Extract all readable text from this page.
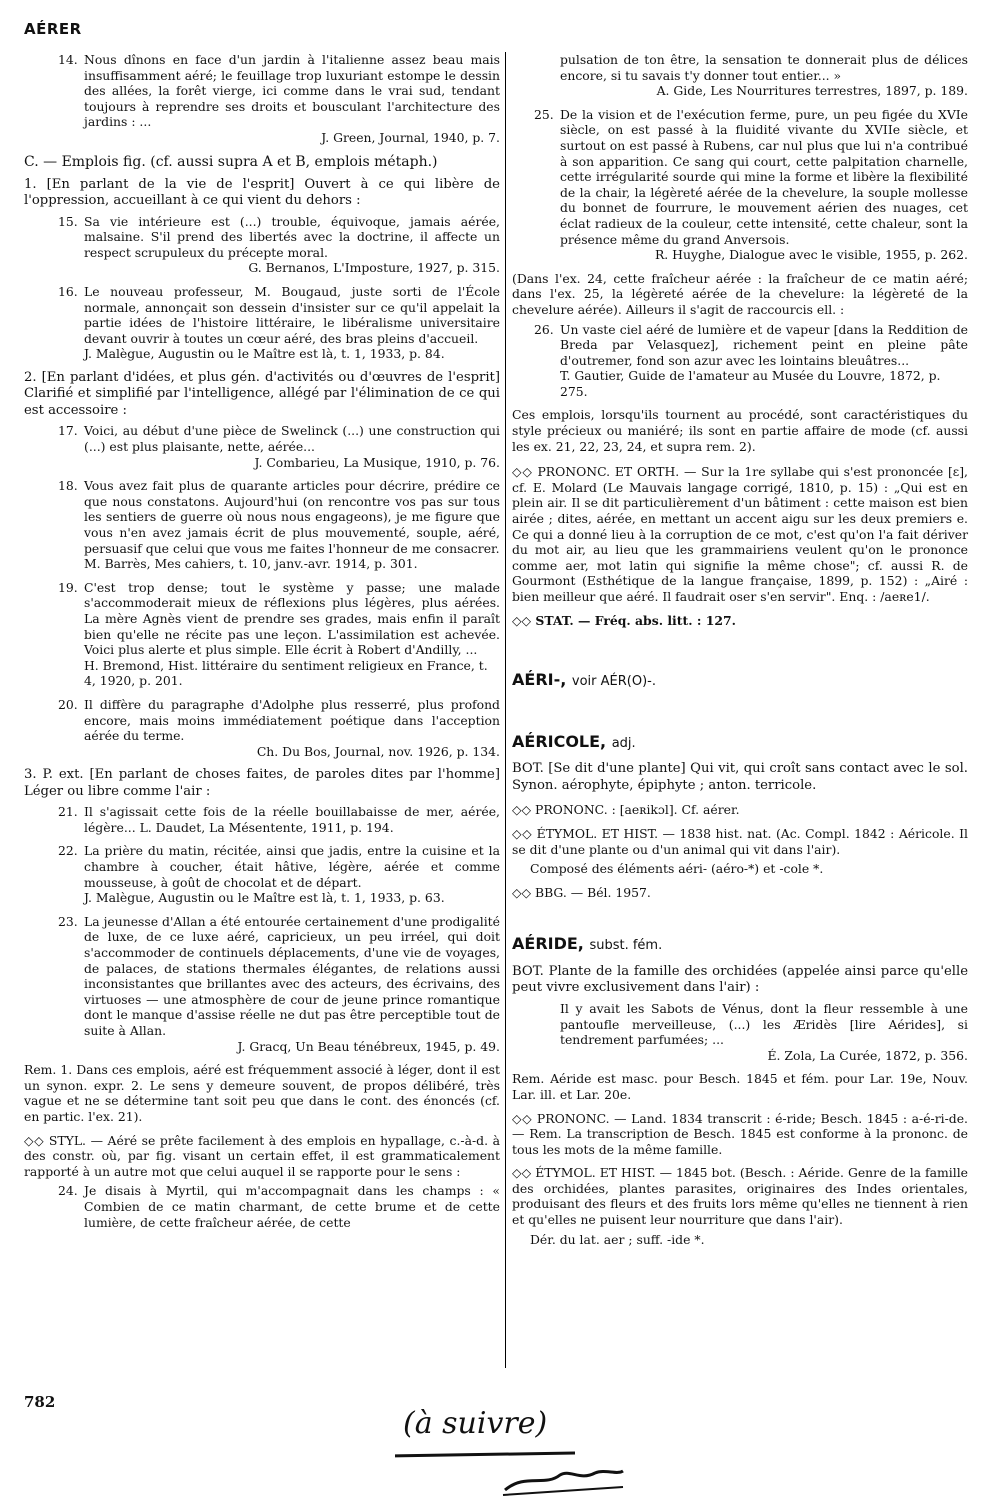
AÉRER
14. Nous dînons en face d'un jardin à l'italienne assez beau mais insuffisamment aéré; le feuillage trop luxuriant estompe le dessin des allées, la forêt vierge, ici comme dans le vrai sud, tendant toujours à reprendre ses droits et bousculant l'architecture des jardins : ...
J. Green, Journal, 1940, p. 7.
C. — Emplois fig. (cf. aussi supra A et B, emplois métaph.)
1. [En parlant de la vie de l'esprit] Ouvert à ce qui libère de l'oppression, accueillant à ce qui vient du dehors :
15. Sa vie intérieure est (...) trouble, équivoque, jamais aérée, malsaine. S'il prend des libertés avec la doctrine, il affecte un respect scrupuleux du précepte moral.
G. Bernanos, L'Imposture, 1927, p. 315.
16. Le nouveau professeur, M. Bougaud, juste sorti de l'École normale, annonçait son dessein d'insister sur ce qu'il appelait la partie idées de l'histoire littéraire, le libéralisme universitaire devant ouvrir à toutes un cœur aéré, des bras pleins d'accueil.
J. Malègue, Augustin ou le Maître est là, t. 1, 1933, p. 84.
2. [En parlant d'idées, et plus gén. d'activités ou d'œuvres de l'esprit] Clarifié et simplifié par l'intelligence, allégé par l'élimination de ce qui est accessoire :
17. Voici, au début d'une pièce de Swelinck (...) une construction qui (...) est plus plaisante, nette, aérée...
J. Combarieu, La Musique, 1910, p. 76.
18. Vous avez fait plus de quarante articles pour décrire, prédire ce que nous constatons. Aujourd'hui (on rencontre vos pas sur tous les sentiers de guerre où nous nous engageons), je me figure que vous n'en avez jamais écrit de plus mouvementé, souple, aéré, persuasif que celui que vous me faites l'honneur de me consacrer.
M. Barrès, Mes cahiers, t. 10, janv.-avr. 1914, p. 301.
19. C'est trop dense; tout le système y passe; une malade s'accommoderait mieux de réflexions plus légères, plus aérées. La mère Agnès vient de prendre ses grades, mais enfin il paraît bien qu'elle ne récite pas une leçon. L'assimilation est achevée. Voici plus alerte et plus simple. Elle écrit à Robert d'Andilly, ...
H. Bremond, Hist. littéraire du sentiment religieux en France, t. 4, 1920, p. 201.
20. Il diffère du paragraphe d'Adolphe plus resserré, plus profond encore, mais moins immédiatement poétique dans l'acception aérée du terme.
Ch. Du Bos, Journal, nov. 1926, p. 134.
3. P. ext. [En parlant de choses faites, de paroles dites par l'homme] Léger ou libre comme l'air :
21. Il s'agissait cette fois de la réelle bouillabaisse de mer, aérée, légère... L. Daudet, La Mésentente, 1911, p. 194.
22. La prière du matin, récitée, ainsi que jadis, entre la cuisine et la chambre à coucher, était hâtive, légère, aérée et comme mousseuse, à goût de chocolat et de départ.
J. Malègue, Augustin ou le Maître est là, t. 1, 1933, p. 63.
23. La jeunesse d'Allan a été entourée certainement d'une prodigalité de luxe, de ce luxe aéré, capricieux, un peu irréel, qui doit s'accommoder de continuels déplacements, d'une vie de voyages, de palaces, de stations thermales élégantes, de relations aussi inconsistantes que brillantes avec des acteurs, des écrivains, des virtuoses — une atmosphère de cour de jeune prince romantique dont le manque d'assise réelle ne dut pas être perceptible tout de suite à Allan.
J. Gracq, Un Beau ténébreux, 1945, p. 49.
Rem. 1. Dans ces emplois, aéré est fréquemment associé à léger, dont il est un synon. expr. 2. Le sens y demeure souvent, de propos délibéré, très vague et ne se détermine tant soit peu que dans le cont. des énoncés (cf. en partic. l'ex. 21).
◇◇ STYL. — Aéré se prête facilement à des emplois en hypallage, c.-à-d. à des constr. où, par fig. visant un certain effet, il est grammaticalement rapporté à un autre mot que celui auquel il se rapporte pour le sens :
24. Je disais à Myrtil, qui m'accompagnait dans les champs : « Combien de ce matin charmant, de cette brume et de cette lumière, de cette fraîcheur aérée, de cette
pulsation de ton être, la sensation te donnerait plus de délices encore, si tu savais t'y donner tout entier... »
A. Gide, Les Nourritures terrestres, 1897, p. 189.
25. De la vision et de l'exécution ferme, pure, un peu figée du XVIe siècle, on est passé à la fluidité vivante du XVIIe siècle, et surtout on est passé à Rubens, car nul plus que lui n'a contribué à son apparition. Ce sang qui court, cette palpitation charnelle, cette irrégularité sourde qui mine la forme et libère la flexibilité de la chair, la légèreté aérée de la chevelure, la souple mollesse du bonnet de fourrure, le mouvement aérien des nuages, cet éclat radieux de la couleur, cette intensité, cette chaleur, sont la présence même du grand Anversois.
R. Huyghe, Dialogue avec le visible, 1955, p. 262.
(Dans l'ex. 24, cette fraîcheur aérée : la fraîcheur de ce matin aéré; dans l'ex. 25, la légèreté aérée de la chevelure: la légèreté de la chevelure aérée). Ailleurs il s'agit de raccourcis ell. :
26. Un vaste ciel aéré de lumière et de vapeur [dans la Reddition de Breda par Velasquez], richement peint en pleine pâte d'outremer, fond son azur avec les lointains bleuâtres...
T. Gautier, Guide de l'amateur au Musée du Louvre, 1872, p. 275.
Ces emplois, lorsqu'ils tournent au procédé, sont caractéristiques du style précieux ou maniéré; ils sont en partie affaire de mode (cf. aussi les ex. 21, 22, 23, 24, et supra rem. 2).
◇◇ PRONONC. ET ORTH. — Sur la 1re syllabe qui s'est prononcée [ε], cf. E. Molard (Le Mauvais langage corrigé, 1810, p. 15) : „Qui est en plein air. Il se dit particulièrement d'un bâtiment : cette maison est bien airée ; dites, aérée, en mettant un accent aigu sur les deux premiers e. Ce qui a donné lieu à la corruption de ce mot, c'est qu'on l'a fait dériver du mot air, au lieu que les grammairiens veulent qu'on le prononce comme aer, mot latin qui signifie la même chose"; cf. aussi R. de Gourmont (Esthétique de la langue française, 1899, p. 152) : „Airé : bien meilleur que aéré. Il faudrait oser s'en servir". Enq. : /aeʀe1/.
◇◇ STAT. — Fréq. abs. litt. : 127.
AÉRI-, voir AÉR(O)-.
AÉRICOLE, adj.
BOT. [Se dit d'une plante] Qui vit, qui croît sans contact avec le sol. Synon. aérophyte, épiphyte ; anton. terricole.
◇◇ PRONONC. : [aeʀikɔl]. Cf. aérer.
◇◇ ÉTYMOL. ET HIST. — 1838 hist. nat. (Ac. Compl. 1842 : Aéricole. Il se dit d'une plante ou d'un animal qui vit dans l'air).
Composé des éléments aéri- (aéro-*) et -cole *.
◇◇ BBG. — Bél. 1957.
AÉRIDE, subst. fém.
BOT. Plante de la famille des orchidées (appelée ainsi parce qu'elle peut vivre exclusivement dans l'air) :
Il y avait les Sabots de Vénus, dont la fleur ressemble à une pantoufle merveilleuse, (...) les Æridès [lire Aérides], si tendrement parfumées; ...
É. Zola, La Curée, 1872, p. 356.
Rem. Aéride est masc. pour Besch. 1845 et fém. pour Lar. 19e, Nouv. Lar. ill. et Lar. 20e.
◇◇ PRONONC. — Land. 1834 transcrit : é-ride; Besch. 1845 : a-é-ri-de. — Rem. La transcription de Besch. 1845 est conforme à la prononc. de tous les mots de la même famille.
◇◇ ÉTYMOL. ET HIST. — 1845 bot. (Besch. : Aéride. Genre de la famille des orchidées, plantes parasites, originaires des Indes orientales, produisant des fleurs et des fruits lors même qu'elles ne tiennent à rien et qu'elles ne puisent leur nourriture que dans l'air).
Dér. du lat. aer ; suff. -ide *.
782
(à suivre)
